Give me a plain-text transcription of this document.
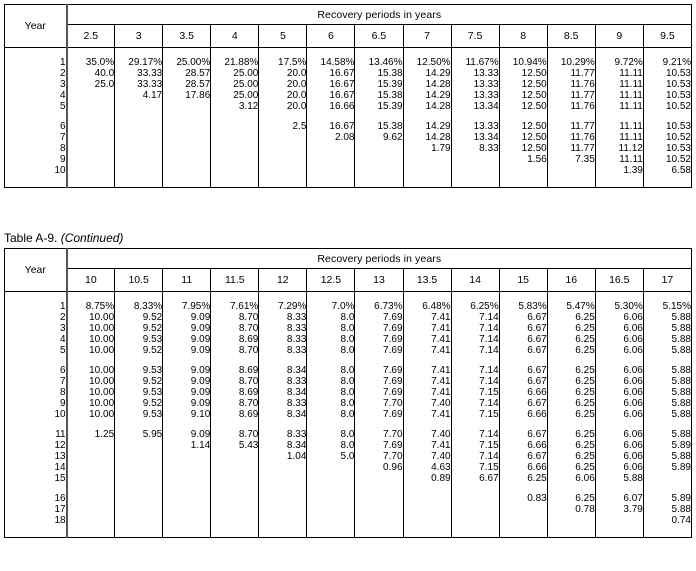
Year	Recovery periods in years												
	2.5	3	3.5	4	5	6	6.5	7	7.5	8	8.5	9	9.5

1	35.0%	29.17%	25.00%	21.88%	17.5%	14.58%	13.46%	12.50%	11.67%	10.94%	10.29%	9.72%	9.21%
2	40.0	33.33	28.57	25.00	20.0	16.67	15.38	14.29	13.33	12.50	11.77	11.11	10.53
3	25.0	33.33	28.57	25.00	20.0	16.67	15.39	14.28	13.33	12.50	11.76	11.11	10.53
4		4.17	17.86	25.00	20.0	16.67	15.38	14.29	13.33	12.50	11.77	11.11	10.53
5				3.12	20.0	16.66	15.39	14.28	13.34	12.50	11.76	11.11	10.52

6					2.5	16.67	15.38	14.29	13.33	12.50	11.77	11.11	10.53
7						2.08	9.62	14.28	13.34	12.50	11.76	11.11	10.52
8								1.79	8.33	12.50	11.77	11.12	10.53
9										1.56	7.35	11.11	10.52
10												1.39	6.58

Table A-9. (Continued)
Year	Recovery periods in years												
	10	10.5	11	11.5	12	12.5	13	13.5	14	15	16	16.5	17

1	8.75%	8.33%	7.95%	7.61%	7.29%	7.0%	6.73%	6.48%	6.25%	5.83%	5.47%	5.30%	5.15%
2	10.00	9.52	9.09	8.70	8.33	8.0	7.69	7.41	7.14	6.67	6.25	6.06	5.88
3	10.00	9.52	9.09	8.70	8.33	8.0	7.69	7.41	7.14	6.67	6.25	6.06	5.88
4	10.00	9.53	9.09	8.69	8.33	8.0	7.69	7.41	7.14	6.67	6.25	6.06	5.88
5	10.00	9.52	9.09	8.70	8.33	8.0	7.69	7.41	7.14	6.67	6.25	6.06	5.88

6	10.00	9.53	9.09	8.69	8.34	8.0	7.69	7.41	7.14	6.67	6.25	6.06	5.88
7	10.00	9.52	9.09	8.70	8.33	8.0	7.69	7.41	7.14	6.67	6.25	6.06	5.88
8	10.00	9.53	9.09	8.69	8.34	8.0	7.69	7.41	7.15	6.66	6.25	6.06	5.88
9	10.00	9.52	9.09	8.70	8.33	8.0	7.70	7.40	7.14	6.67	6.25	6.06	5.88
10	10.00	9.53	9.10	8.69	8.34	8.0	7.69	7.41	7.15	6.66	6.25	6.06	5.88

11	1.25	5.95	9.09	8.70	8.33	8.0	7.70	7.40	7.14	6.67	6.25	6.06	5.88
12			1.14	5.43	8.34	8.0	7.69	7.41	7.15	6.66	6.25	6.06	5.89
13					1.04	5.0	7.70	7.40	7.14	6.67	6.25	6.06	5.88
14							0.96	4.63	7.15	6.66	6.25	6.06	5.89
15								0.89	6.67	6.25	6.06	5.88	

16										0.83	6.25	6.07	5.89
17											0.78	3.79	5.88
18													0.74
